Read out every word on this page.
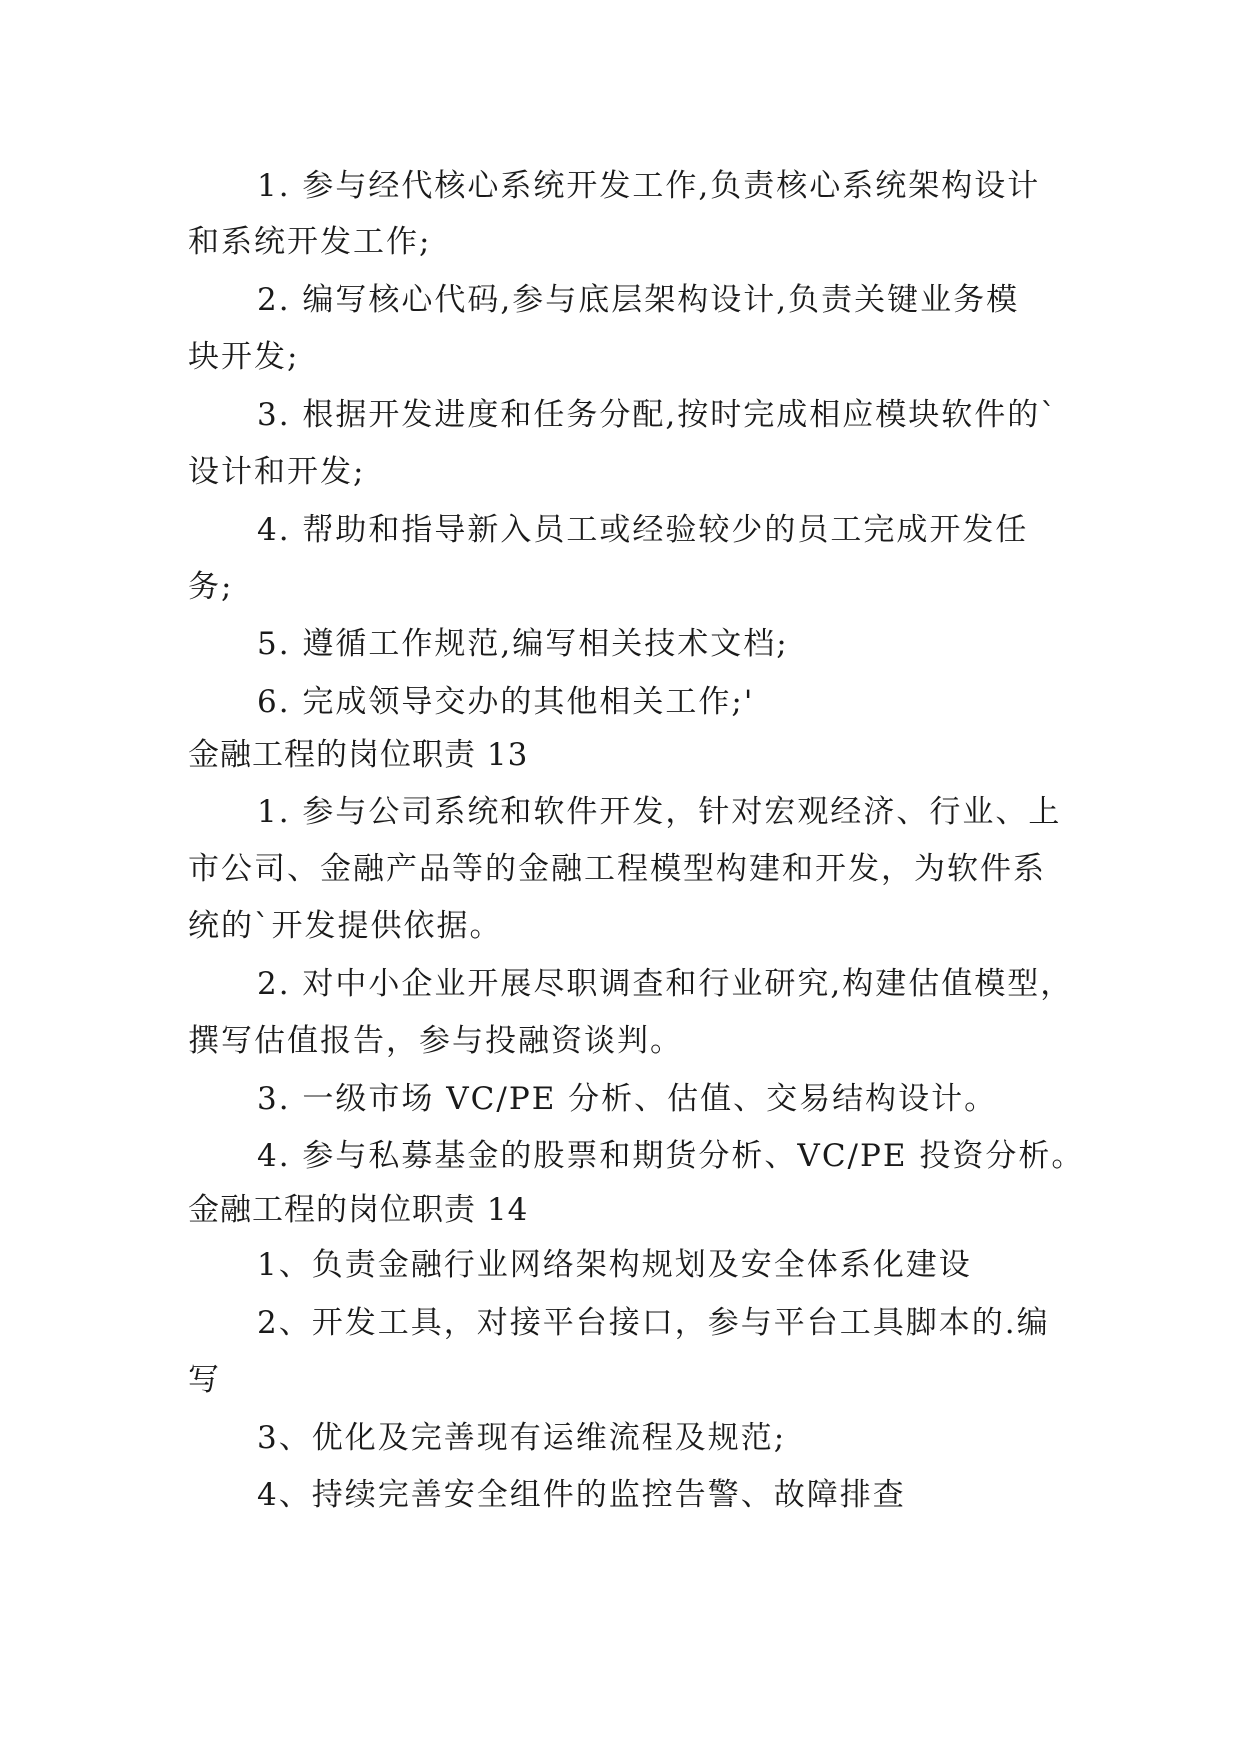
1. 参与经代核心系统开发工作,负责核心系统架构设计
和系统开发工作;
2. 编写核心代码,参与底层架构设计,负责关键业务模
块开发;
3. 根据开发进度和任务分配,按时完成相应模块软件的`
设计和开发;
4. 帮助和指导新入员工或经验较少的员工完成开发任
务;
5. 遵循工作规范,编写相关技术文档;
6. 完成领导交办的其他相关工作;'
金融工程的岗位职责 13
1. 参与公司系统和软件开发，针对宏观经济、行业、上
市公司、金融产品等的金融工程模型构建和开发，为软件系
统的`开发提供依据。
2. 对中小企业开展尽职调查和行业研究,构建估值模型，
撰写估值报告，参与投融资谈判。
3. 一级市场 VC/PE 分析、估值、交易结构设计。
4. 参与私募基金的股票和期货分析、VC/PE 投资分析。
金融工程的岗位职责 14
1、负责金融行业网络架构规划及安全体系化建设
2、开发工具，对接平台接口，参与平台工具脚本的.编
写
3、优化及完善现有运维流程及规范;
4、持续完善安全组件的监控告警、故障排查
